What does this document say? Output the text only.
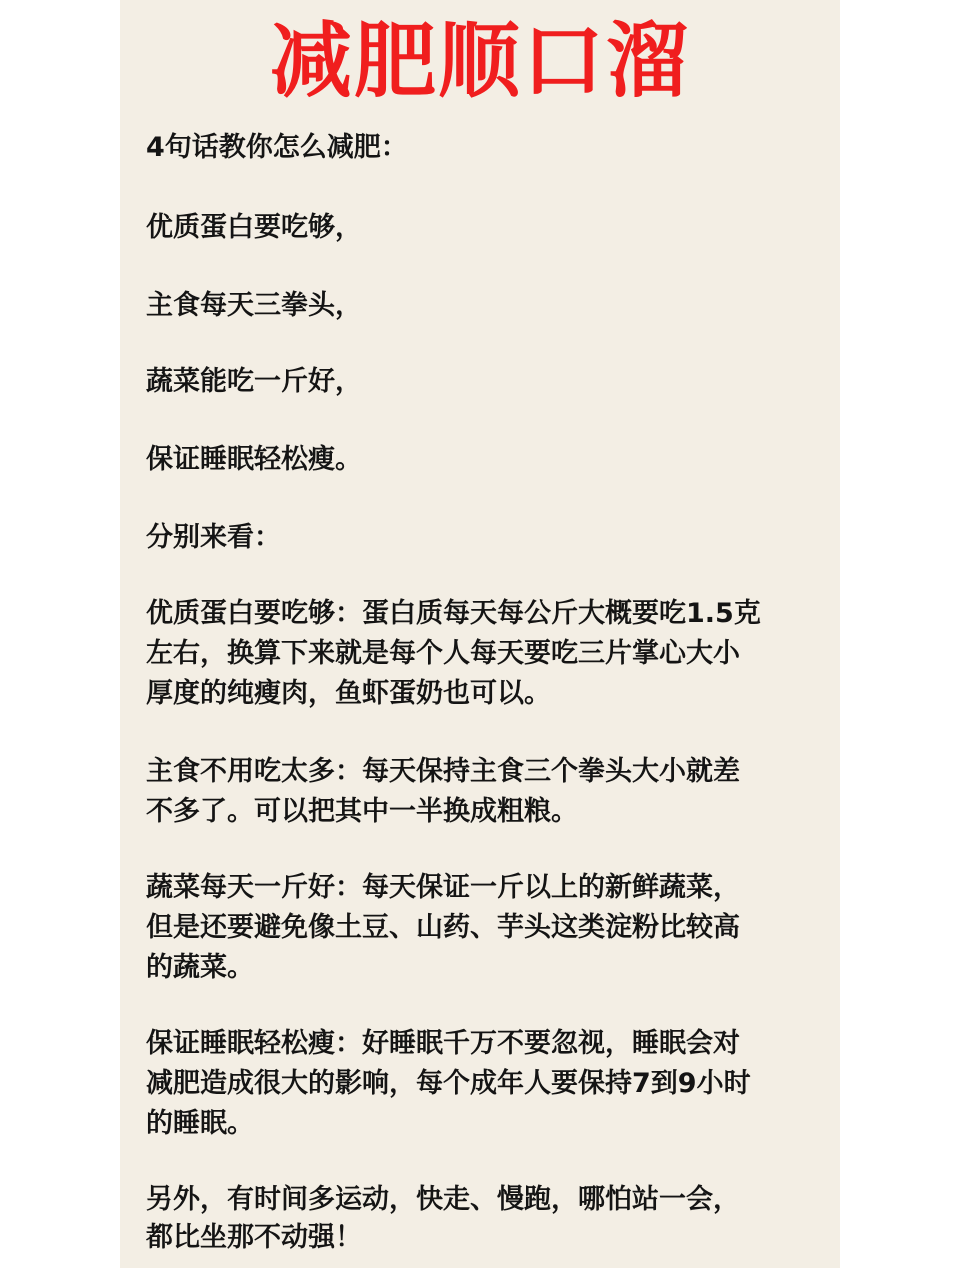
减肥顺口溜
4句话教你怎么减肥：
优质蛋白要吃够，
主食每天三拳头，
蔬菜能吃一斤好，
保证睡眠轻松瘦。
分别来看：
优质蛋白要吃够：蛋白质每天每公斤大概要吃1.5克
左右，换算下来就是每个人每天要吃三片掌心大小
厚度的纯瘦肉，鱼虾蛋奶也可以。
主食不用吃太多：每天保持主食三个拳头大小就差
不多了。可以把其中一半换成粗粮。
蔬菜每天一斤好：每天保证一斤以上的新鲜蔬菜，
但是还要避免像土豆、山药、芋头这类淀粉比较高
的蔬菜。
保证睡眠轻松瘦：好睡眠千万不要忽视，睡眠会对
减肥造成很大的影响，每个成年人要保持7到9小时
的睡眠。
另外，有时间多运动，快走、慢跑，哪怕站一会，
都比坐那不动强！
